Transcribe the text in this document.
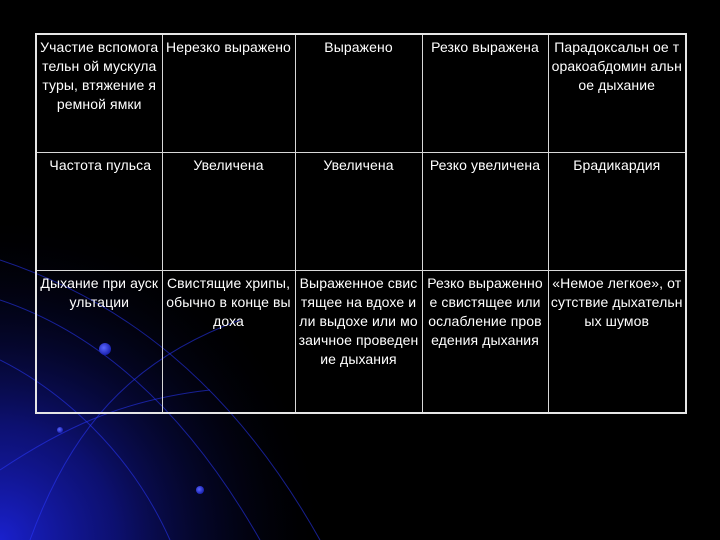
Участие вспомогательн ой мускулатуры, втяжение яремной ямки	Нерезко выражено	Выражено	Резко выражена	Парадоксальн ое торакоабдомин альное дыхание
Частота пульса	Увеличена	Увеличена	Резко увеличена	Брадикардия
Дыхание при аускультации	Свистящие хрипы, обычно в конце выдоха	Выраженное свистящее на вдохе или выдохе или мозаичное проведение дыхания	Резко выраженное свистящее или ослабление проведения дыхания	«Немое легкое», отсутствие дыхательных шумов
